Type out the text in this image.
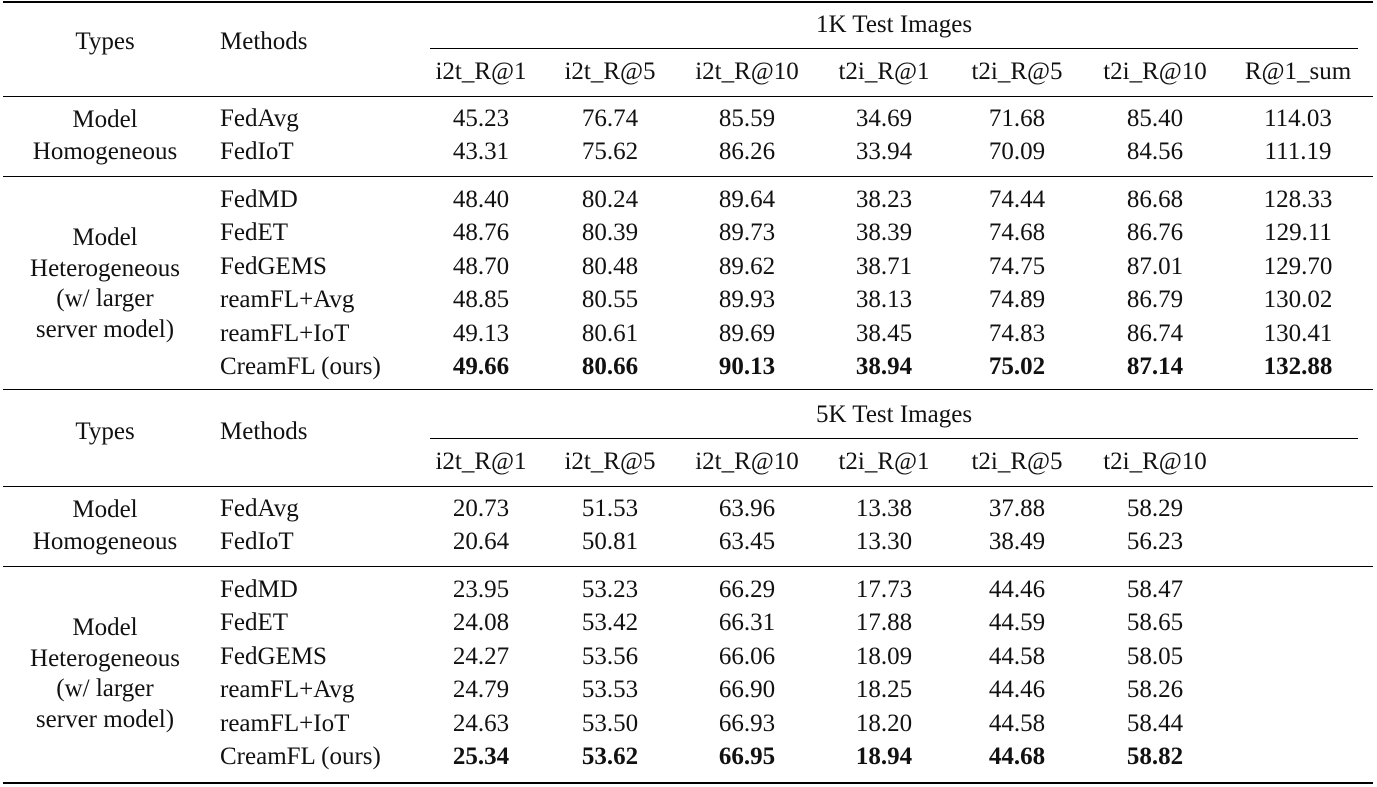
Types	Methods
1K Test Images
i2t_R@1 i2t_R@5 i2t_R@10 t2i_R@1 t2i_R@5 t2i_R@10 R@1_sum
Model
Homogeneous
FedAvg	45.23	76.74	85.59	34.69	71.68	85.40	114.03
FedIoT	43.31	75.62	86.26	33.94	70.09	84.56	111.19
Model
Heterogeneous
(w/ larger
server model)
FedMD	48.40	80.24	89.64	38.23	74.44	86.68	128.33
FedET	48.76	80.39	89.73	38.39	74.68	86.76	129.11
FedGEMS	48.70	80.48	89.62	38.71	74.75	87.01	129.70
reamFL+Avg	48.85	80.55	89.93	38.13	74.89	86.79	130.02
reamFL+IoT	49.13	80.61	89.69	38.45	74.83	86.74	130.41
CreamFL (ours)	49.66	80.66	90.13	38.94	75.02	87.14	132.88
Types	Methods
5K Test Images
i2t_R@1 i2t_R@5 i2t_R@10 t2i_R@1 t2i_R@5 t2i_R@10
Model
Homogeneous
FedAvg	20.73	51.53	63.96	13.38	37.88	58.29
FedIoT	20.64	50.81	63.45	13.30	38.49	56.23
Model
Heterogeneous
(w/ larger
server model)
FedMD	23.95	53.23	66.29	17.73	44.46	58.47
FedET	24.08	53.42	66.31	17.88	44.59	58.65
FedGEMS	24.27	53.56	66.06	18.09	44.58	58.05
reamFL+Avg	24.79	53.53	66.90	18.25	44.46	58.26
reamFL+IoT	24.63	53.50	66.93	18.20	44.58	58.44
CreamFL (ours)	25.34	53.62	66.95	18.94	44.68	58.82
